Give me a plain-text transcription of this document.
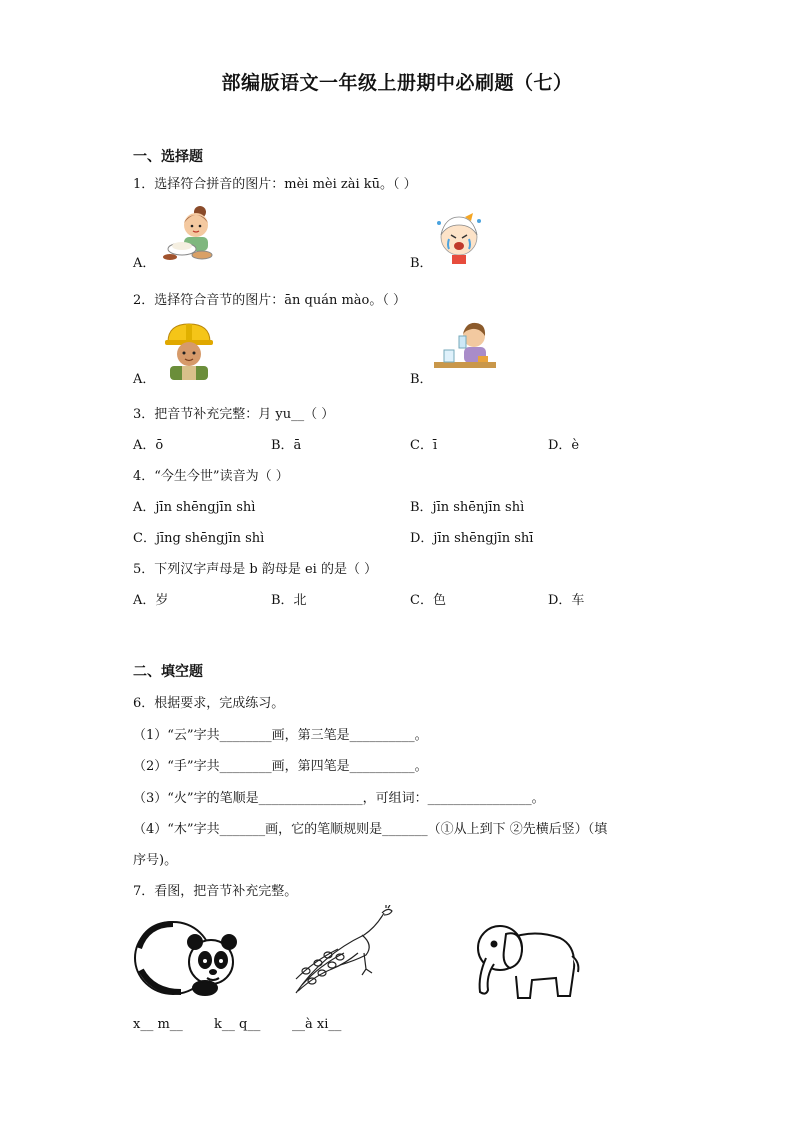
部编版语文一年级上册期中必刷题（七）
一、选择题
1．选择符合拼音的图片：mèi mèi zài kū。（ ）
A．	B．
2．选择符合音节的图片：ān quán mào。（ ）
A．	B．
3．把音节补充完整：月 yu__（ ）
A．ō	B．ā	C．ī	D．è
4．“今生今世”读音为（ ）
A．jīn shēngjīn shì	B．jīn shēnjīn shì
C．jīng shēngjīn shì	D．jīn shēngjīn shī
5．下列汉字声母是 b 韵母是 ei 的是（ ）
A．岁	B．北	C．色	D．车
二、填空题
6．根据要求，完成练习。
（1）“云”字共________画，第三笔是__________。
（2）“手”字共________画，第四笔是__________。
（3）“火”字的笔顺是________________，可组词：________________。
（4）“木”字共_______画，它的笔顺规则是_______（①从上到下 ②先横后竖）（填
序号)。
7．看图，把音节补充完整。
x__ m__ k__ q__ __à xi__
